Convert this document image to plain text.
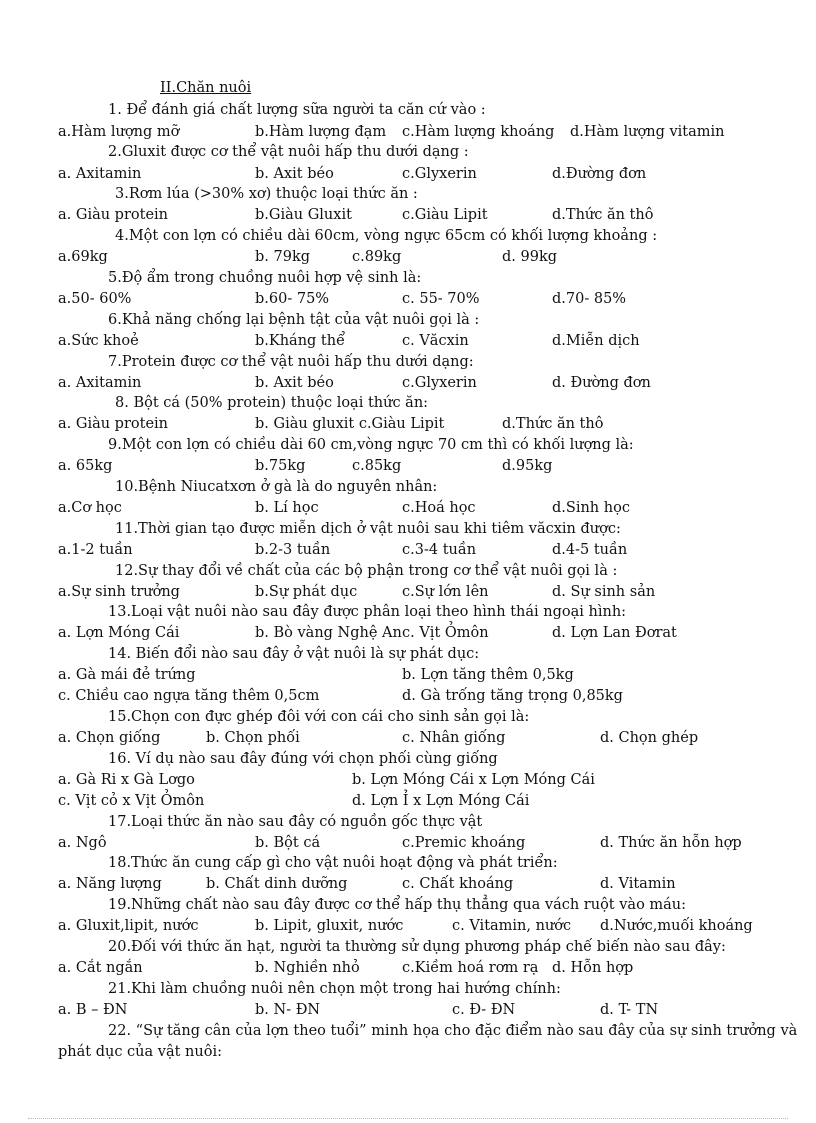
II.Chăn nuôi
1. Để đánh giá chất lượng sữa người ta căn cứ vào :
a.Hàm lượng mỡ	b.Hàm lượng đạm c.Hàm lượng khoáng d.Hàm lượng vitamin
2.Gluxit được cơ thể vật nuôi hấp thu dưới dạng :
a. Axitamin	b. Axit béo	c.Glyxerin	d.Đường đơn
3.Rơm lúa (>30% xơ) thuộc loại thức ăn :
a. Giàu protein	b.Giàu Gluxit	c.Giàu Lipit	d.Thức ăn thô
4.Một con lợn có chiều dài 60cm, vòng ngực 65cm có khối lượng khoảng :
a.69kg	b. 79kg	c.89kg	d. 99kg
5.Độ ẩm trong chuồng nuôi hợp vệ sinh là:
a.50- 60%	b.60- 75%	c. 55- 70%	d.70- 85%
6.Khả năng chống lại bệnh tật của vật nuôi gọi là :
a.Sức khoẻ	b.Kháng thể	c. Văcxin	d.Miễn dịch
7.Protein được cơ thể vật nuôi hấp thu dưới dạng:
a. Axitamin	b. Axit béo	c.Glyxerin	d. Đường đơn
8. Bột cá (50% protein) thuộc loại thức ăn:
a. Giàu protein	b. Giàu gluxit c.Giàu Lipit	d.Thức ăn thô
9.Một con lợn có chiều dài 60 cm,vòng ngực 70 cm thì có khối lượng là:
a. 65kg	b.75kg	c.85kg	d.95kg
10.Bệnh Niucatxơn ở gà là do nguyên nhân:
a.Cơ học	b. Lí học	c.Hoá học	d.Sinh học
11.Thời gian tạo được miễn dịch ở vật nuôi sau khi tiêm văcxin được:
a.1-2 tuần	b.2-3 tuần	c.3-4 tuần	d.4-5 tuần
12.Sự thay đổi về chất của các bộ phận trong cơ thể vật nuôi gọi là :
a.Sự sinh trưởng	b.Sự phát dục	c.Sự lớn lên	d. Sự sinh sản
13.Loại vật nuôi nào sau đây được phân loại theo hình thái ngoại hình:
a. Lợn Móng Cái	b. Bò vàng Nghệ An c. Vịt Ỏmôn	d. Lợn Lan Đơrat
14. Biến đổi nào sau đây ở vật nuôi là sự phát dục:
a. Gà mái đẻ trứng	b. Lợn tăng thêm 0,5kg
c. Chiều cao ngựa tăng thêm 0,5cm	d. Gà trống tăng trọng 0,85kg
15.Chọn con đực ghép đôi với con cái cho sinh sản gọi là:
a. Chọn giống	b. Chọn phối	c. Nhân giống	d. Chọn ghép
16. Ví dụ nào sau đây đúng với chọn phối cùng giống
a. Gà Ri x Gà Lơgo	b. Lợn Móng Cái x Lợn Móng Cái
c. Vịt cỏ x Vịt Ỏmôn	d. Lợn Ỉ x Lợn Móng Cái
17.Loại thức ăn nào sau đây có nguồn gốc thực vật
a. Ngô	b. Bột cá	c.Premic khoáng	d. Thức ăn hỗn hợp
18.Thức ăn cung cấp gì cho vật nuôi hoạt động và phát triển:
a. Năng lượng	b. Chất dinh dưỡng	c. Chất khoáng	d. Vitamin
19.Những chất nào sau đây được cơ thể hấp thụ thẳng qua vách ruột vào máu:
a. Gluxit,lipit, nước	b. Lipit, gluxit, nước	c. Vitamin, nước d.Nước,muối khoáng
20.Đối với thức ăn hạt, người ta thường sử dụng phương pháp chế biến nào sau đây:
a. Cắt ngắn	b. Nghiền nhỏ	c.Kiềm hoá rơm rạ d. Hỗn hợp
21.Khi làm chuồng nuôi nên chọn một trong hai hướng chính:
a. B – ĐN	b. N- ĐN	c. Đ- ĐN	d. T- TN
22. “Sự tăng cân của lợn theo tuổi” minh họa cho đặc điểm nào sau đây của sự sinh trưởng và
phát dục của vật nuôi:
